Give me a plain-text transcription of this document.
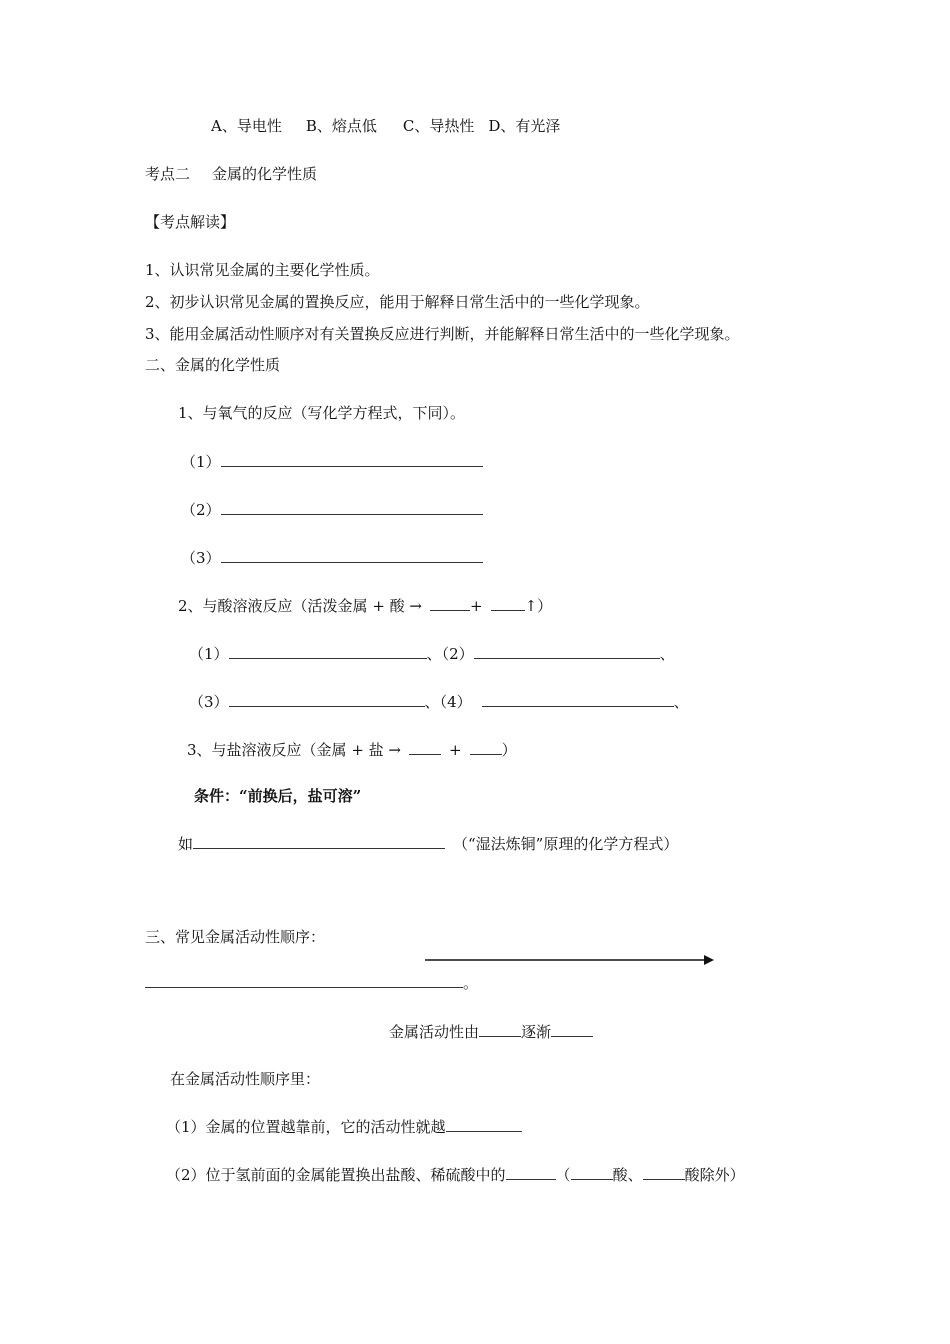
A、导电性 B、熔点低 C、导热性 D、有光泽
考点二 金属的化学性质
【考点解读】
1、认识常见金属的主要化学性质。
2、初步认识常见金属的置换反应，能用于解释日常生活中的一些化学现象。
3、能用金属活动性顺序对有关置换反应进行判断，并能解释日常生活中的一些化学现象。
二、金属的化学性质
1、与氧气的反应（写化学方程式，下同）。
（1）
（2）
（3）
2、与酸溶液反应（活泼金属 + 酸 →	+	↑）
（1）	、（2）	、
（3）	、（4）	、
3、与盐溶液反应（金属 + 盐 →	+	）
条件：“前换后，盐可溶”
如	（“湿法炼铜”原理的化学方程式）
三、常见金属活动性顺序：
。
金属活动性由	逐渐
在金属活动性顺序里：
（1）金属的位置越靠前，它的活动性就越
（2）位于氢前面的金属能置换出盐酸、稀硫酸中的	（	酸、	酸除外）
